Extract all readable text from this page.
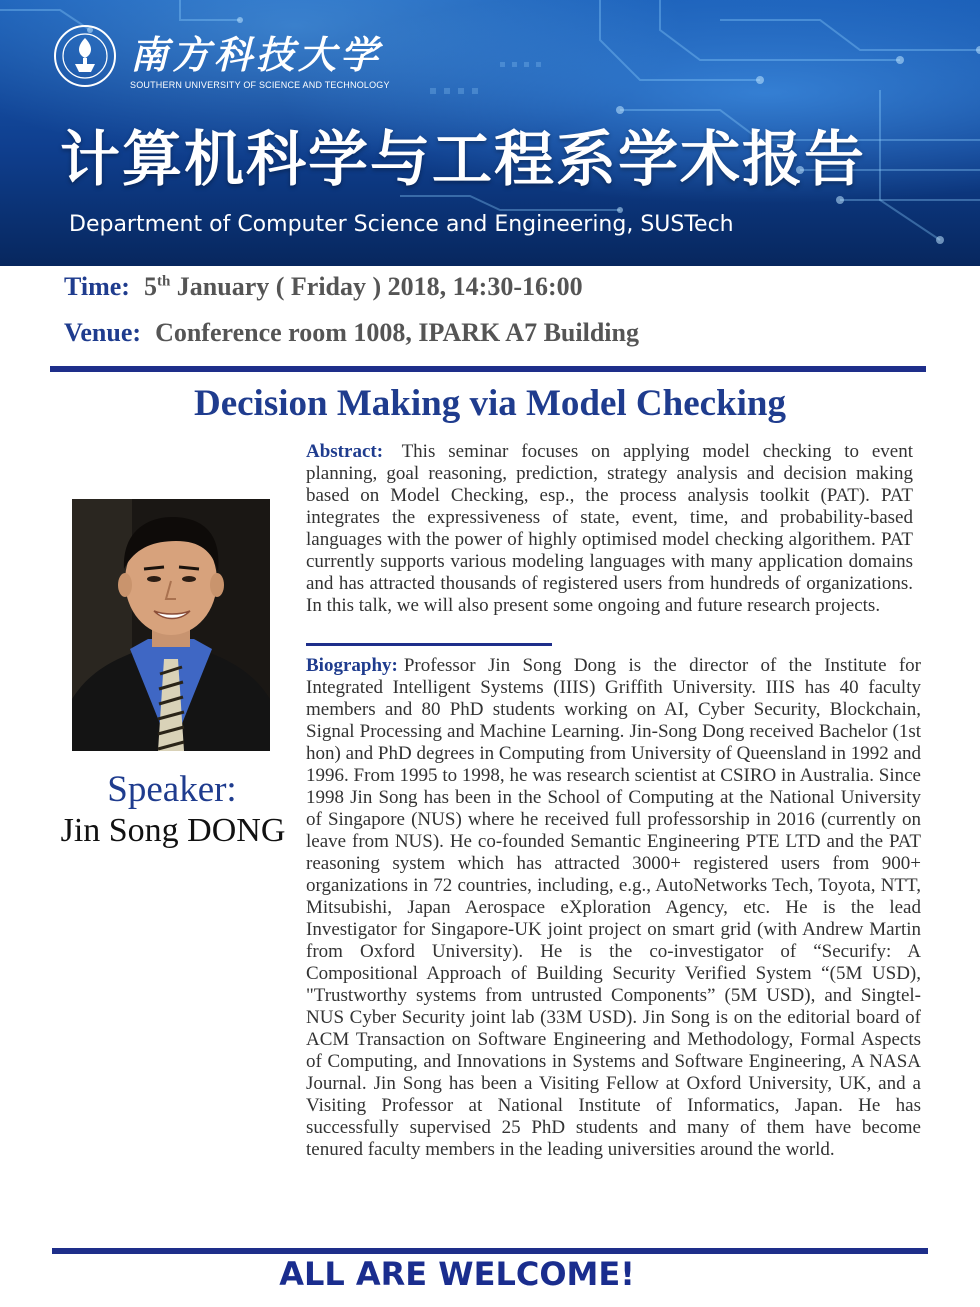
南方科技大学
SOUTHERN UNIVERSITY OF SCIENCE AND TECHNOLOGY
计算机科学与工程系学术报告
Department of Computer Science and Engineering, SUSTech
Time: 5th January ( Friday ) 2018, 14:30-16:00
Venue: Conference room 1008, IPARK A7 Building
Decision Making via Model Checking
Speaker:
Jin Song DONG

Abstract: This seminar focuses on applying model checking to event planning, goal reasoning, prediction, strategy analysis and decision making based on Model Checking, esp., the process analysis toolkit (PAT). PAT integrates the expressiveness of state, event, time, and probability-based languages with the power of highly optimised model checking algorithem. PAT currently supports various modeling languages with many application domains and has attracted thousands of registered users from hundreds of organizations. In this talk, we will also present some ongoing and future research projects.

Biography: Professor Jin Song Dong is the director of the Institute for Integrated Intelligent Systems (IIIS) Griffith University. IIIS has 40 faculty members and 80 PhD students working on AI, Cyber Security, Blockchain, Signal Processing and Machine Learning. Jin-Song Dong received Bachelor (1st hon) and PhD degrees in Computing from University of Queensland in 1992 and 1996. From 1995 to 1998, he was research scientist at CSIRO in Australia. Since 1998 Jin Song has been in the School of Computing at the National University of Singapore (NUS) where he received full professorship in 2016 (currently on leave from NUS). He co-founded Semantic Engineering PTE LTD and the PAT reasoning system which has attracted 3000+ registered users from 900+ organizations in 72 countries, including, e.g., AutoNetworks Tech, Toyota, NTT, Mitsubishi, Japan Aerospace eXploration Agency, etc. He is the lead Investigator for Singapore-UK joint project on smart grid (with Andrew Martin from Oxford University). He is the co-investigator of “Securify: A Compositional Approach of Building Security Verified System “(5M USD), "Trustworthy systems from untrusted Components” (5M USD), and Singtel-NUS Cyber Security joint lab (33M USD). Jin Song is on the editorial board of ACM Transaction on Software Engineering and Methodology, Formal Aspects of Computing, and Innovations in Systems and Software Engineering, A NASA Journal. Jin Song has been a Visiting Fellow at Oxford University, UK, and a Visiting Professor at National Institute of Informatics, Japan. He has successfully supervised 25 PhD students and many of them have become tenured faculty members in the leading universities around the world.

ALL ARE WELCOME!
